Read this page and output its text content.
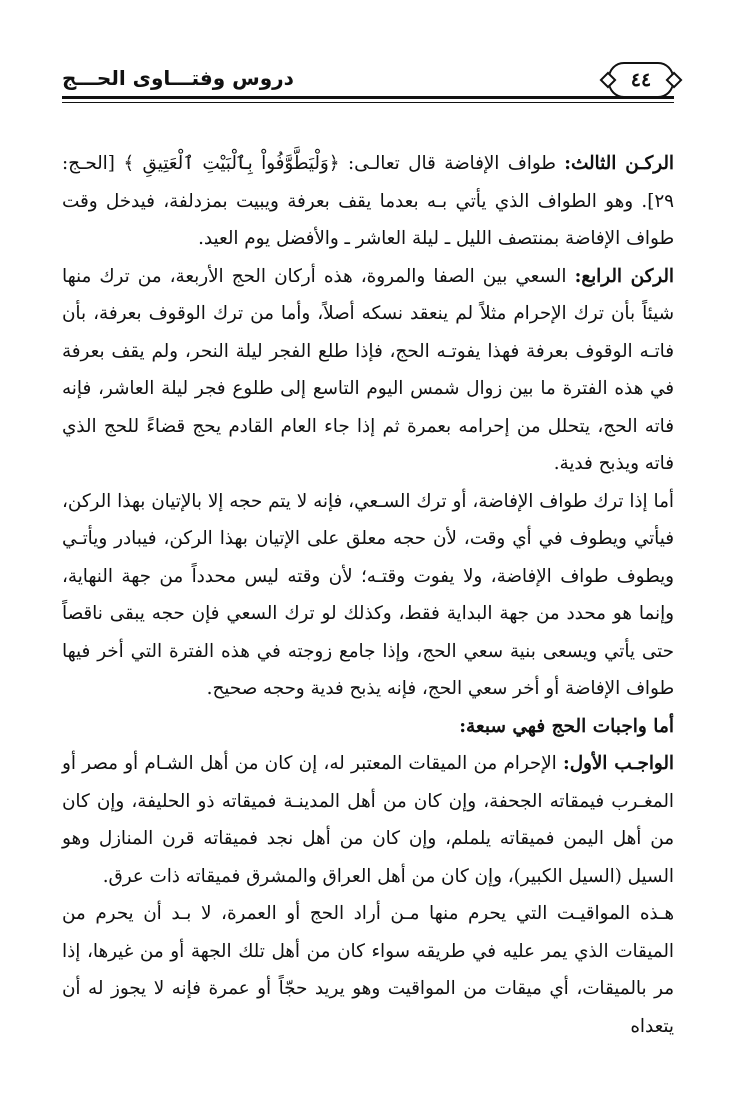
٤٤
دروس وفتـــاوى الحـــج

الركـن الثالث: طواف الإفاضة قال تعالـى: ﴿وَلْيَطَّوَّفُواْ بِٱلْبَيْتِ ٱلْعَتِيقِ ﴾ [الحـج: ٢٩]. وهو الطواف الذي يأتي بـه بعدما يقف بعرفة ويبيت بمزدلفة، فيدخل وقت طواف الإفاضة بمنتصف الليل ـ ليلة العاشر ـ والأفضل يوم العيد.

الركن الرابع: السعي بين الصفا والمروة، هذه أركان الحج الأربعة، من ترك منها شيئاً بأن ترك الإحرام مثلاً لم ينعقد نسكه أصلاً، وأما من ترك الوقوف بعرفة، بأن فاتـه الوقوف بعرفة فهذا يفوتـه الحج، فإذا طلع الفجر ليلة النحر، ولم يقف بعرفة في هذه الفترة ما بين زوال شمس اليوم التاسع إلى طلوع فجر ليلة العاشر، فإنه فاته الحج، يتحلل من إحرامه بعمرة ثم إذا جاء العام القادم يحج قضاءً للحج الذي فاته ويذبح فدية.

أما إذا ترك طواف الإفاضة، أو ترك السـعي، فإنه لا يتم حجه إلا بالإتيان بهذا الركن، فيأتي ويطوف في أي وقت، لأن حجه معلق على الإتيان بهذا الركن، فيبادر ويأتـي ويطوف طواف الإفاضة، ولا يفوت وقتـه؛ لأن وقته ليس محدداً من جهة النهاية، وإنما هو محدد من جهة البداية فقط، وكذلك لو ترك السعي فإن حجه يبقى ناقصاً حتى يأتي ويسعى بنية سعي الحج، وإذا جامع زوجته في هذه الفترة التي أخر فيها طواف الإفاضة أو أخر سعي الحج، فإنه يذبح فدية وحجه صحيح.

أما واجبات الحج فهي سبعة:

الواجـب الأول: الإحرام من الميقات المعتبر له، إن كان من أهل الشـام أو مصر أو المغـرب فيمقاته الجحفة، وإن كان من أهل المدينـة فميقاته ذو الحليفة، وإن كان من أهل اليمن فميقاته يلملم، وإن كان من أهل نجد فميقاته قرن المنازل وهو السيل (السيل الكبير)، وإن كان من أهل العراق والمشرق فميقاته ذات عرق.

هـذه المواقيـت التي يحرم منها مـن أراد الحج أو العمرة، لا بـد أن يحرم من الميقات الذي يمر عليه في طريقه سواء كان من أهل تلك الجهة أو من غيرها، إذا مر بالميقات، أي ميقات من المواقيت وهو يريد حجّاً أو عمرة فإنه لا يجوز له أن يتعداه
